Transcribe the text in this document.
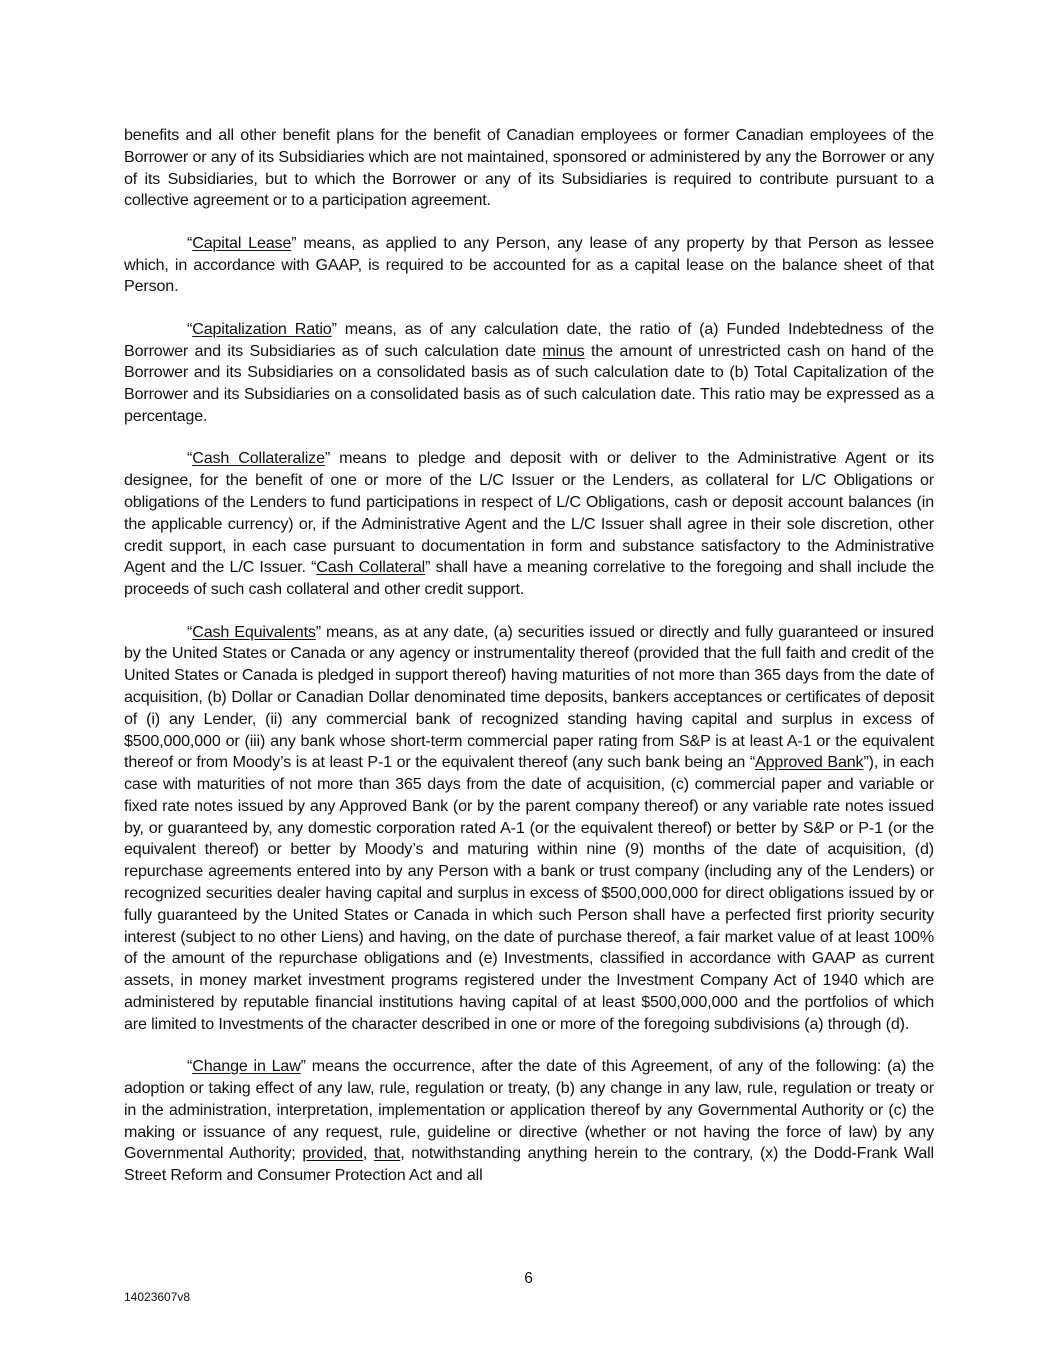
benefits and all other benefit plans for the benefit of Canadian employees or former Canadian employees of the Borrower or any of its Subsidiaries which are not maintained, sponsored or administered by any the Borrower or any of its Subsidiaries, but to which the Borrower or any of its Subsidiaries is required to contribute pursuant to a collective agreement or to a participation agreement.

“Capital Lease” means, as applied to any Person, any lease of any property by that Person as lessee which, in accordance with GAAP, is required to be accounted for as a capital lease on the balance sheet of that Person.

“Capitalization Ratio” means, as of any calculation date, the ratio of (a) Funded Indebtedness of the Borrower and its Subsidiaries as of such calculation date minus the amount of unrestricted cash on hand of the Borrower and its Subsidiaries on a consolidated basis as of such calculation date to (b) Total Capitalization of the Borrower and its Subsidiaries on a consolidated basis as of such calculation date. This ratio may be expressed as a percentage.

“Cash Collateralize” means to pledge and deposit with or deliver to the Administrative Agent or its designee, for the benefit of one or more of the L/C Issuer or the Lenders, as collateral for L/C Obligations or obligations of the Lenders to fund participations in respect of L/C Obligations, cash or deposit account balances (in the applicable currency) or, if the Administrative Agent and the L/C Issuer shall agree in their sole discretion, other credit support, in each case pursuant to documentation in form and substance satisfactory to the Administrative Agent and the L/C Issuer. “Cash Collateral” shall have a meaning correlative to the foregoing and shall include the proceeds of such cash collateral and other credit support.

“Cash Equivalents” means, as at any date, (a) securities issued or directly and fully guaranteed or insured by the United States or Canada or any agency or instrumentality thereof (provided that the full faith and credit of the United States or Canada is pledged in support thereof) having maturities of not more than 365 days from the date of acquisition, (b) Dollar or Canadian Dollar denominated time deposits, bankers acceptances or certificates of deposit of (i) any Lender, (ii) any commercial bank of recognized standing having capital and surplus in excess of $500,000,000 or (iii) any bank whose short-term commercial paper rating from S&P is at least A-1 or the equivalent thereof or from Moody’s is at least P-1 or the equivalent thereof (any such bank being an “Approved Bank”), in each case with maturities of not more than 365 days from the date of acquisition, (c) commercial paper and variable or fixed rate notes issued by any Approved Bank (or by the parent company thereof) or any variable rate notes issued by, or guaranteed by, any domestic corporation rated A-1 (or the equivalent thereof) or better by S&P or P-1 (or the equivalent thereof) or better by Moody’s and maturing within nine (9) months of the date of acquisition, (d) repurchase agreements entered into by any Person with a bank or trust company (including any of the Lenders) or recognized securities dealer having capital and surplus in excess of $500,000,000 for direct obligations issued by or fully guaranteed by the United States or Canada in which such Person shall have a perfected first priority security interest (subject to no other Liens) and having, on the date of purchase thereof, a fair market value of at least 100% of the amount of the repurchase obligations and (e) Investments, classified in accordance with GAAP as current assets, in money market investment programs registered under the Investment Company Act of 1940 which are administered by reputable financial institutions having capital of at least $500,000,000 and the portfolios of which are limited to Investments of the character described in one or more of the foregoing subdivisions (a) through (d).

“Change in Law” means the occurrence, after the date of this Agreement, of any of the following: (a) the adoption or taking effect of any law, rule, regulation or treaty, (b) any change in any law, rule, regulation or treaty or in the administration, interpretation, implementation or application thereof by any Governmental Authority or (c) the making or issuance of any request, rule, guideline or directive (whether or not having the force of law) by any Governmental Authority; provided, that, notwithstanding anything herein to the contrary, (x) the Dodd-Frank Wall Street Reform and Consumer Protection Act and all

6
14023607v8
